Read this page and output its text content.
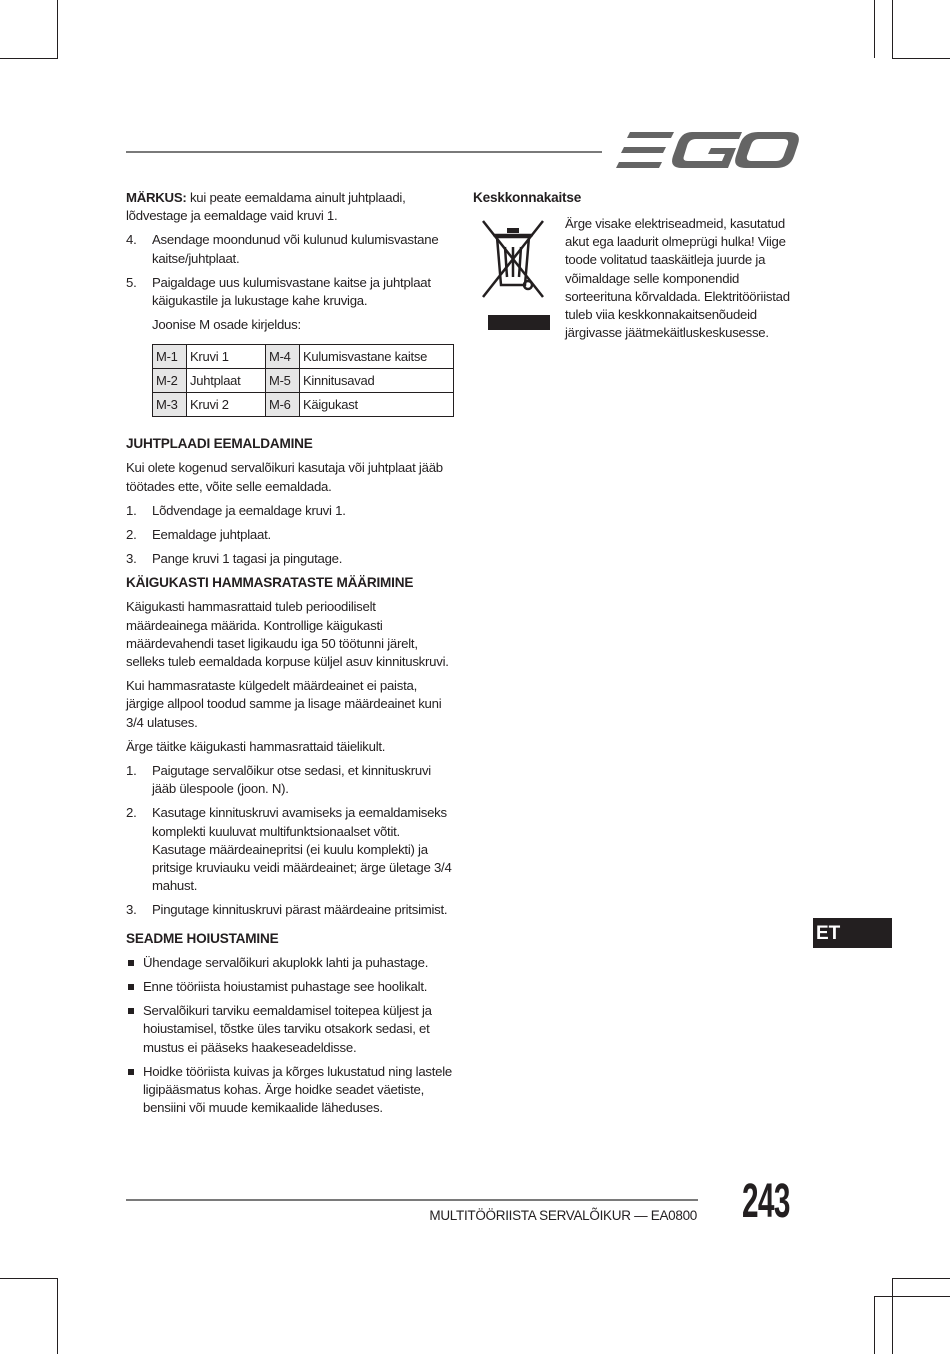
MÄRKUS: kui peate eemaldama ainult juhtplaadi, lõdvestage ja eemaldage vaid kruvi 1.

4. Asendage moondunud või kulunud kulumisvastane kaitse/juhtplaat.
5. Paigaldage uus kulumisvastane kaitse ja juhtplaat käigukastile ja lukustage kahe kruviga.

Joonise M osade kirjeldus:

M-1	Kruvi 1	M-4	Kulumisvastane kaitse
M-2	Juhtplaat	M-5	Kinnitusavad
M-3	Kruvi 2	M-6	Käigukast
JUHTPLAADI EEMALDAMINE

Kui olete kogenud servalõikuri kasutaja või juhtplaat jääb töötades ette, võite selle eemaldada.

1. Lõdvendage ja eemaldage kruvi 1.
2. Eemaldage juhtplaat.
3. Pange kruvi 1 tagasi ja pingutage.
KÄIGUKASTI HAMMASRATASTE MÄÄRIMINE

Käigukasti hammasrattaid tuleb perioodiliselt määrdeainega määrida. Kontrollige käigukasti määrdevahendi taset ligikaudu iga 50 töötunni järelt, selleks tuleb eemaldada korpuse küljel asuv kinnituskruvi.

Kui hammasrataste külgedelt määrdeainet ei paista, järgige allpool toodud samme ja lisage määrdeainet kuni 3/4 ulatuses.

Ärge täitke käigukasti hammasrattaid täielikult.

1. Paigutage servalõikur otse sedasi, et kinnituskruvi jääb ülespoole (joon. N).
2. Kasutage kinnituskruvi avamiseks ja eemaldamiseks komplekti kuuluvat multifunktsionaalset võtit. Kasutage määrdeainepritsi (ei kuulu komplekti) ja pritsige kruviauku veidi määrdeainet; ärge ületage 3/4 mahust.
3. Pingutage kinnituskruvi pärast määrdeaine pritsimist.
SEADME HOIUSTAMINE
Ühendage servalõikuri akuplokk lahti ja puhastage.
Enne tööriista hoiustamist puhastage see hoolikalt.
Servalõikuri tarviku eemaldamisel toitepea küljest ja hoiustamisel, tõstke üles tarviku otsakork sedasi, et mustus ei pääseks haakeseadeldisse.
Hoidke tööriista kuivas ja kõrges lukustatud ning lastele ligipääsmatus kohas. Ärge hoidke seadet väetiste, bensiini või muude kemikaalide läheduses.
Keskkonnakaitse

Ärge visake elektriseadmeid, kasutatud akut ega laadurit olmeprügi hulka! Viige toode volitatud taaskäitleja juurde ja võimaldage selle komponendid sorteerituna kõrvaldada. Elektritööriistad tuleb viia keskkonnakaitsenõudeid järgivasse jäätmekäitluskeskusesse.

ET
MULTITÖÖRIISTA SERVALÕIKUR — EA0800 243
